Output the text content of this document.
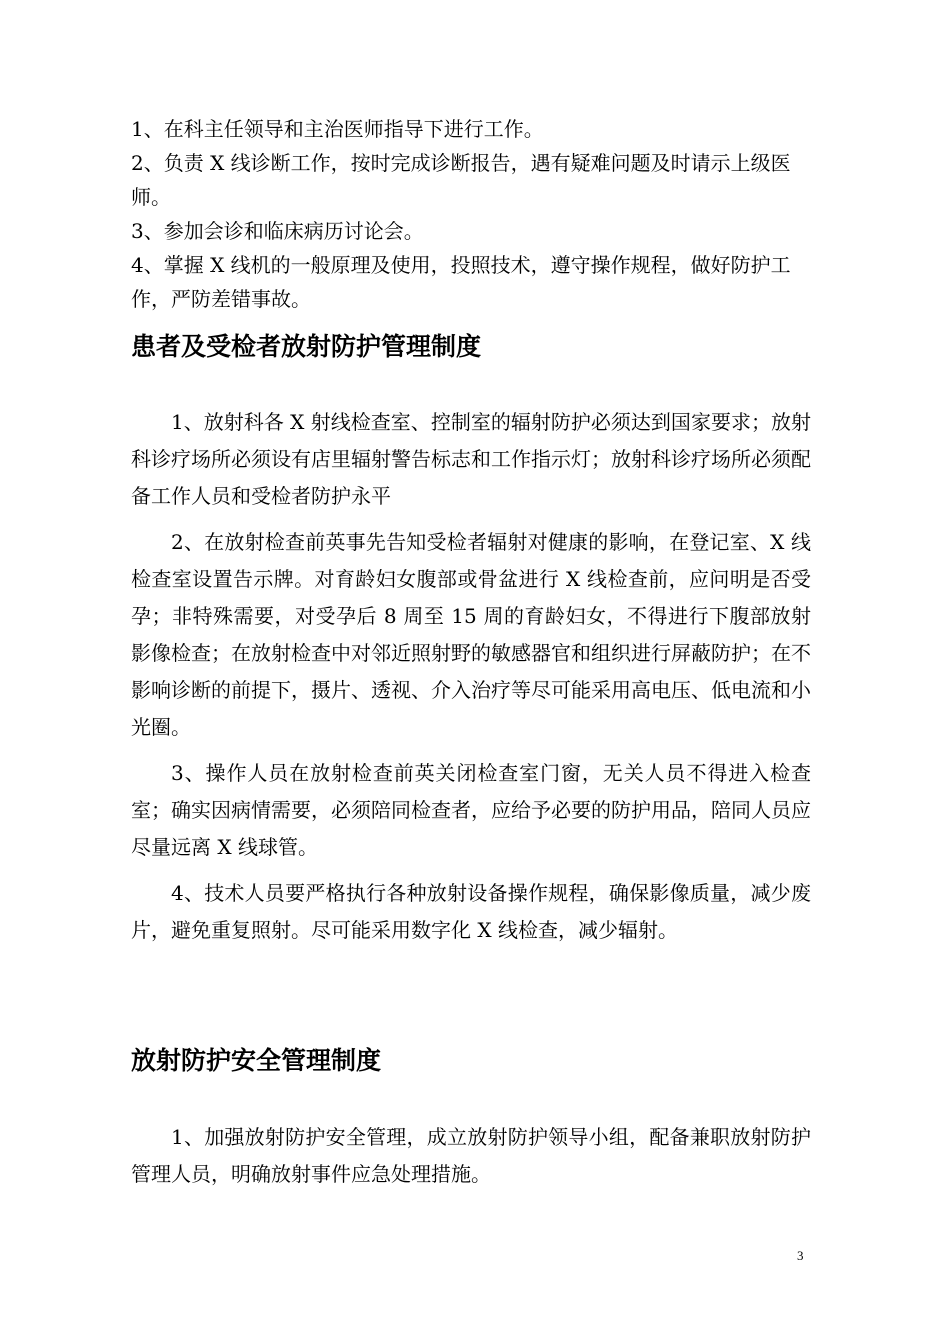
1、在科主任领导和主治医师指导下进行工作。

2、负责 X 线诊断工作，按时完成诊断报告，遇有疑难问题及时请示上级医师。

3、参加会诊和临床病历讨论会。

4、掌握 X 线机的一般原理及使用，投照技术，遵守操作规程，做好防护工作，严防差错事故。

患者及受检者放射防护管理制度

1、放射科各 X 射线检查室、控制室的辐射防护必须达到国家要求；放射科诊疗场所必须设有店里辐射警告标志和工作指示灯；放射科诊疗场所必须配备工作人员和受检者防护永平

2、在放射检查前英事先告知受检者辐射对健康的影响，在登记室、X 线检查室设置告示牌。对育龄妇女腹部或骨盆进行 X 线检查前，应问明是否受孕；非特殊需要，对受孕后 8 周至 15 周的育龄妇女，不得进行下腹部放射影像检查；在放射检查中对邻近照射野的敏感器官和组织进行屏蔽防护；在不影响诊断的前提下，摄片、透视、介入治疗等尽可能采用高电压、低电流和小光圈。

3、操作人员在放射检查前英关闭检查室门窗，无关人员不得进入检查室；确实因病情需要，必须陪同检查者，应给予必要的防护用品，陪同人员应尽量远离 X 线球管。

4、技术人员要严格执行各种放射设备操作规程，确保影像质量，减少废片，避免重复照射。尽可能采用数字化 X 线检查，减少辐射。

放射防护安全管理制度

1、加强放射防护安全管理，成立放射防护领导小组，配备兼职放射防护管理人员，明确放射事件应急处理措施。

3
